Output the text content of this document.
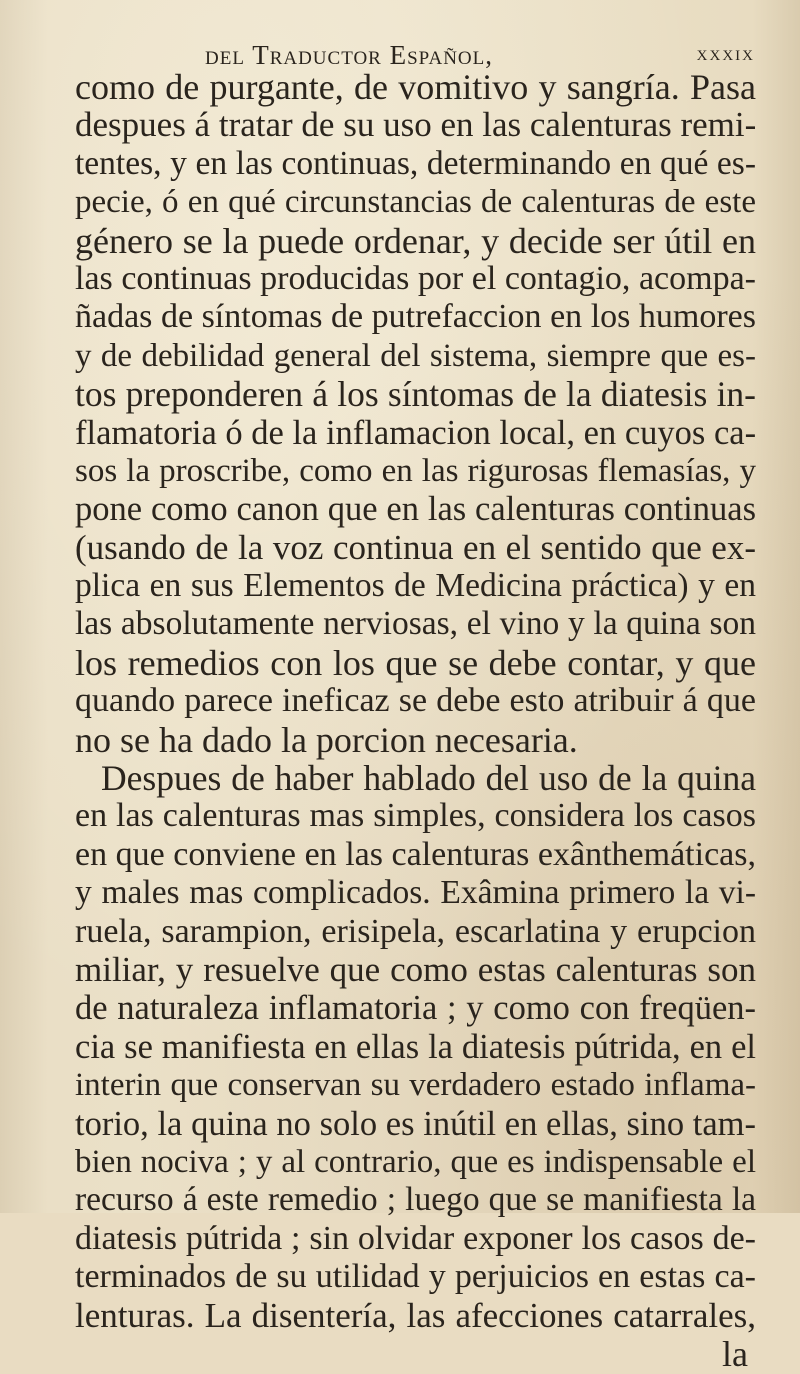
del Traductor Español,	xxxix
como de purgante, de vomitivo y sangría. Pasa
despues á tratar de su uso en las calenturas remi-
tentes, y en las continuas, determinando en qué es-
pecie, ó en qué circunstancias de calenturas de este
género se la puede ordenar, y decide ser útil en
las continuas producidas por el contagio, acompa-
ñadas de síntomas de putrefaccion en los humores
y de debilidad general del sistema, siempre que es-
tos preponderen á los síntomas de la diatesis in-
flamatoria ó de la inflamacion local, en cuyos ca-
sos la proscribe, como en las rigurosas flemasías, y
pone como canon que en las calenturas continuas
(usando de la voz continua en el sentido que ex-
plica en sus Elementos de Medicina práctica) y en
las absolutamente nerviosas, el vino y la quina son
los remedios con los que se debe contar, y que
quando parece ineficaz se debe esto atribuir á que
no se ha dado la porcion necesaria.
Despues de haber hablado del uso de la quina
en las calenturas mas simples, considera los casos
en que conviene en las calenturas exânthemáticas,
y males mas complicados. Exâmina primero la vi-
ruela, sarampion, erisipela, escarlatina y erupcion
miliar, y resuelve que como estas calenturas son
de naturaleza inflamatoria ; y como con freqüen-
cia se manifiesta en ellas la diatesis pútrida, en el
interin que conservan su verdadero estado inflama-
torio, la quina no solo es inútil en ellas, sino tam-
bien nociva ; y al contrario, que es indispensable el
recurso á este remedio ; luego que se manifiesta la
diatesis pútrida ; sin olvidar exponer los casos de-
terminados de su utilidad y perjuicios en estas ca-
lenturas. La disentería, las afecciones catarrales,
la
